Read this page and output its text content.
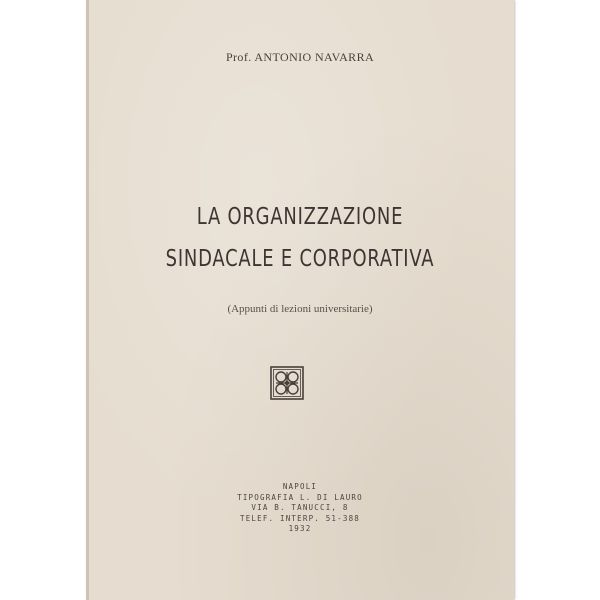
Prof. ANTONIO NAVARRA
LA ORGANIZZAZIONE
SINDACALE E CORPORATIVA
(Appunti di lezioni universitarie)
NAPOLI
TIPOGRAFIA L. DI LAURO
VIA B. TANUCCI, 8
TELEF. INTERP. 51-388
1932
